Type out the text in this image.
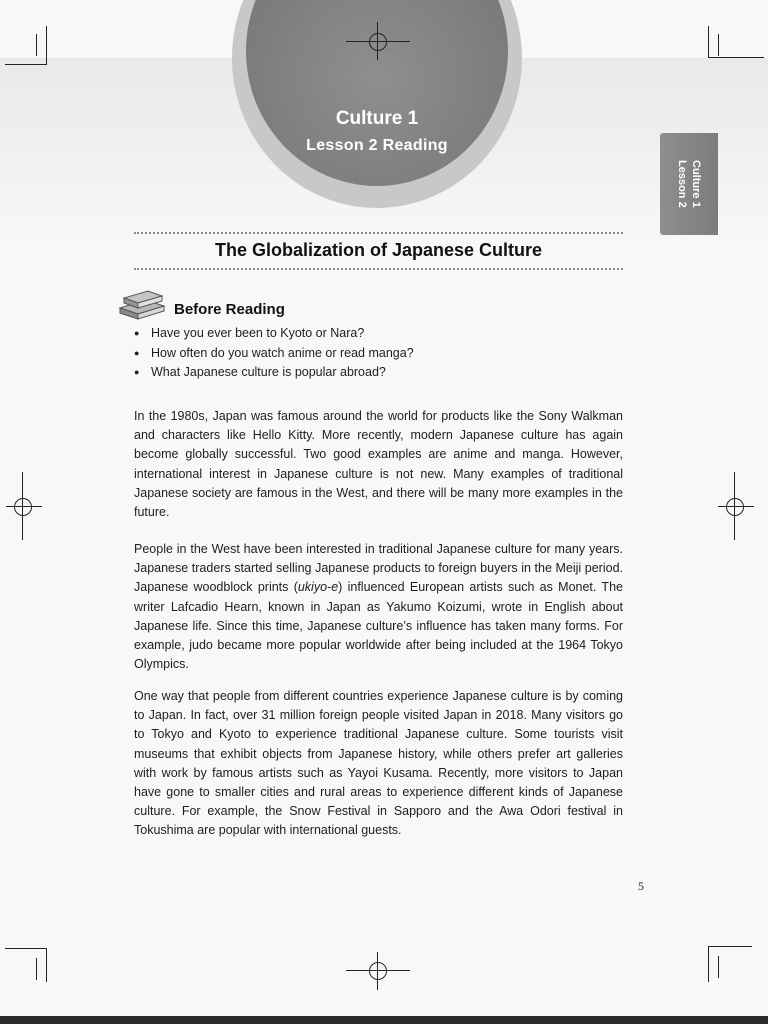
Culture 1
Lesson 2 Reading
Culture 1
Lesson 2
The Globalization of Japanese Culture
Before Reading
● Have you ever been to Kyoto or Nara?
● How often do you watch anime or read manga?
● What Japanese culture is popular abroad?

In the 1980s, Japan was famous around the world for products like the Sony Walkman and characters like Hello Kitty. More recently, modern Japanese culture has again become globally successful. Two good examples are anime and manga. However, international interest in Japanese culture is not new. Many examples of traditional Japanese society are famous in the West, and there will be many more examples in the future.

People in the West have been interested in traditional Japanese culture for many years. Japanese traders started selling Japanese products to foreign buyers in the Meiji period. Japanese woodblock prints (ukiyo-e) influenced European artists such as Monet. The writer Lafcadio Hearn, known in Japan as Yakumo Koizumi, wrote in English about Japanese life. Since this time, Japanese culture’s influence has taken many forms. For example, judo became more popular worldwide after being included at the 1964 Tokyo Olympics.

One way that people from different countries experience Japanese culture is by coming to Japan. In fact, over 31 million foreign people visited Japan in 2018. Many visitors go to Tokyo and Kyoto to experience traditional Japanese culture. Some tourists visit museums that exhibit objects from Japanese history, while others prefer art galleries with work by famous artists such as Yayoi Kusama. Recently, more visitors to Japan have gone to smaller cities and rural areas to experience different kinds of Japanese culture. For example, the Snow Festival in Sapporo and the Awa Odori festival in Tokushima are popular with international guests.

5
